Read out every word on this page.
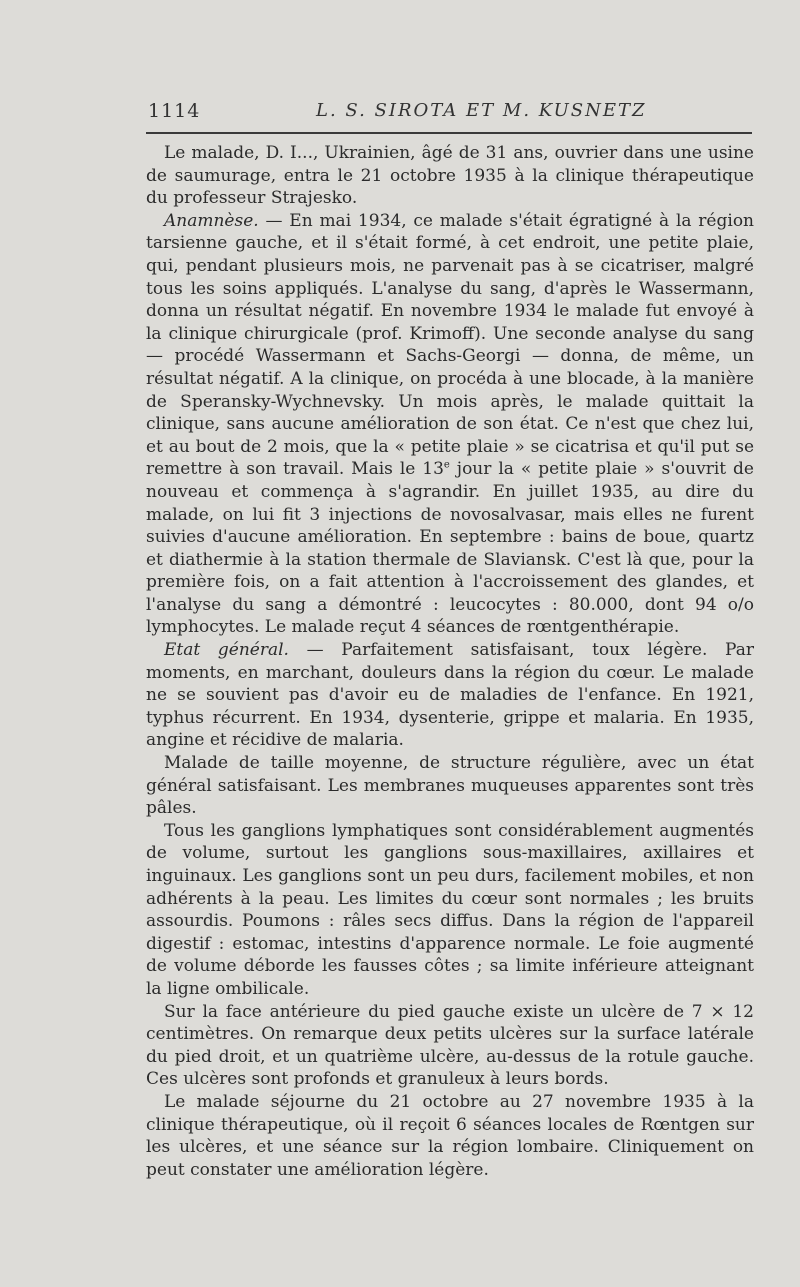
1114	L. S. SIROTA ET M. KUSNETZ

Le malade, D. I..., Ukrainien, âgé de 31 ans, ouvrier dans une usine de saumurage, entra le 21 octobre 1935 à la clinique thérapeutique du professeur Strajesko.

Anamnèse. — En mai 1934, ce malade s'était égratigné à la région tarsienne gauche, et il s'était formé, à cet endroit, une petite plaie, qui, pendant plusieurs mois, ne parvenait pas à se cicatriser, malgré tous les soins appliqués. L'analyse du sang, d'après le Wassermann, donna un résultat négatif. En novembre 1934 le malade fut envoyé à la clinique chirurgicale (prof. Krimoff). Une seconde analyse du sang — procédé Wassermann et Sachs-Georgi — donna, de même, un résultat négatif. A la clinique, on procéda à une blocade, à la manière de Speransky-Wychnevsky. Un mois après, le malade quittait la clinique, sans aucune amélioration de son état. Ce n'est que chez lui, et au bout de 2 mois, que la « petite plaie » se cicatrisa et qu'il put se remettre à son travail. Mais le 13e jour la « petite plaie » s'ouvrit de nouveau et commença à s'agrandir. En juillet 1935, au dire du malade, on lui fit 3 injections de novosalvasar, mais elles ne furent suivies d'aucune amélioration. En septembre : bains de boue, quartz et diathermie à la station thermale de Slaviansk. C'est là que, pour la première fois, on a fait attention à l'accroissement des glandes, et l'analyse du sang a démontré : leucocytes : 80.000, dont 94 o/o lymphocytes. Le malade reçut 4 séances de rœntgenthérapie.

Etat général. — Parfaitement satisfaisant, toux légère. Par moments, en marchant, douleurs dans la région du cœur. Le malade ne se souvient pas d'avoir eu de maladies de l'enfance. En 1921, typhus récurrent. En 1934, dysenterie, grippe et malaria. En 1935, angine et récidive de malaria.

Malade de taille moyenne, de structure régulière, avec un état général satisfaisant. Les membranes muqueuses apparentes sont très pâles.

Tous les ganglions lymphatiques sont considérablement augmentés de volume, surtout les ganglions sous-maxillaires, axillaires et inguinaux. Les ganglions sont un peu durs, facilement mobiles, et non adhérents à la peau. Les limites du cœur sont normales ; les bruits assourdis. Poumons : râles secs diffus. Dans la région de l'appareil digestif : estomac, intestins d'apparence normale. Le foie augmenté de volume déborde les fausses côtes ; sa limite inférieure atteignant la ligne ombilicale.

Sur la face antérieure du pied gauche existe un ulcère de 7 × 12 centimètres. On remarque deux petits ulcères sur la surface latérale du pied droit, et un quatrième ulcère, au-dessus de la rotule gauche. Ces ulcères sont profonds et granuleux à leurs bords.

Le malade séjourne du 21 octobre au 27 novembre 1935 à la clinique thérapeutique, où il reçoit 6 séances locales de Rœntgen sur les ulcères, et une séance sur la région lombaire. Cliniquement on peut constater une amélioration légère.
